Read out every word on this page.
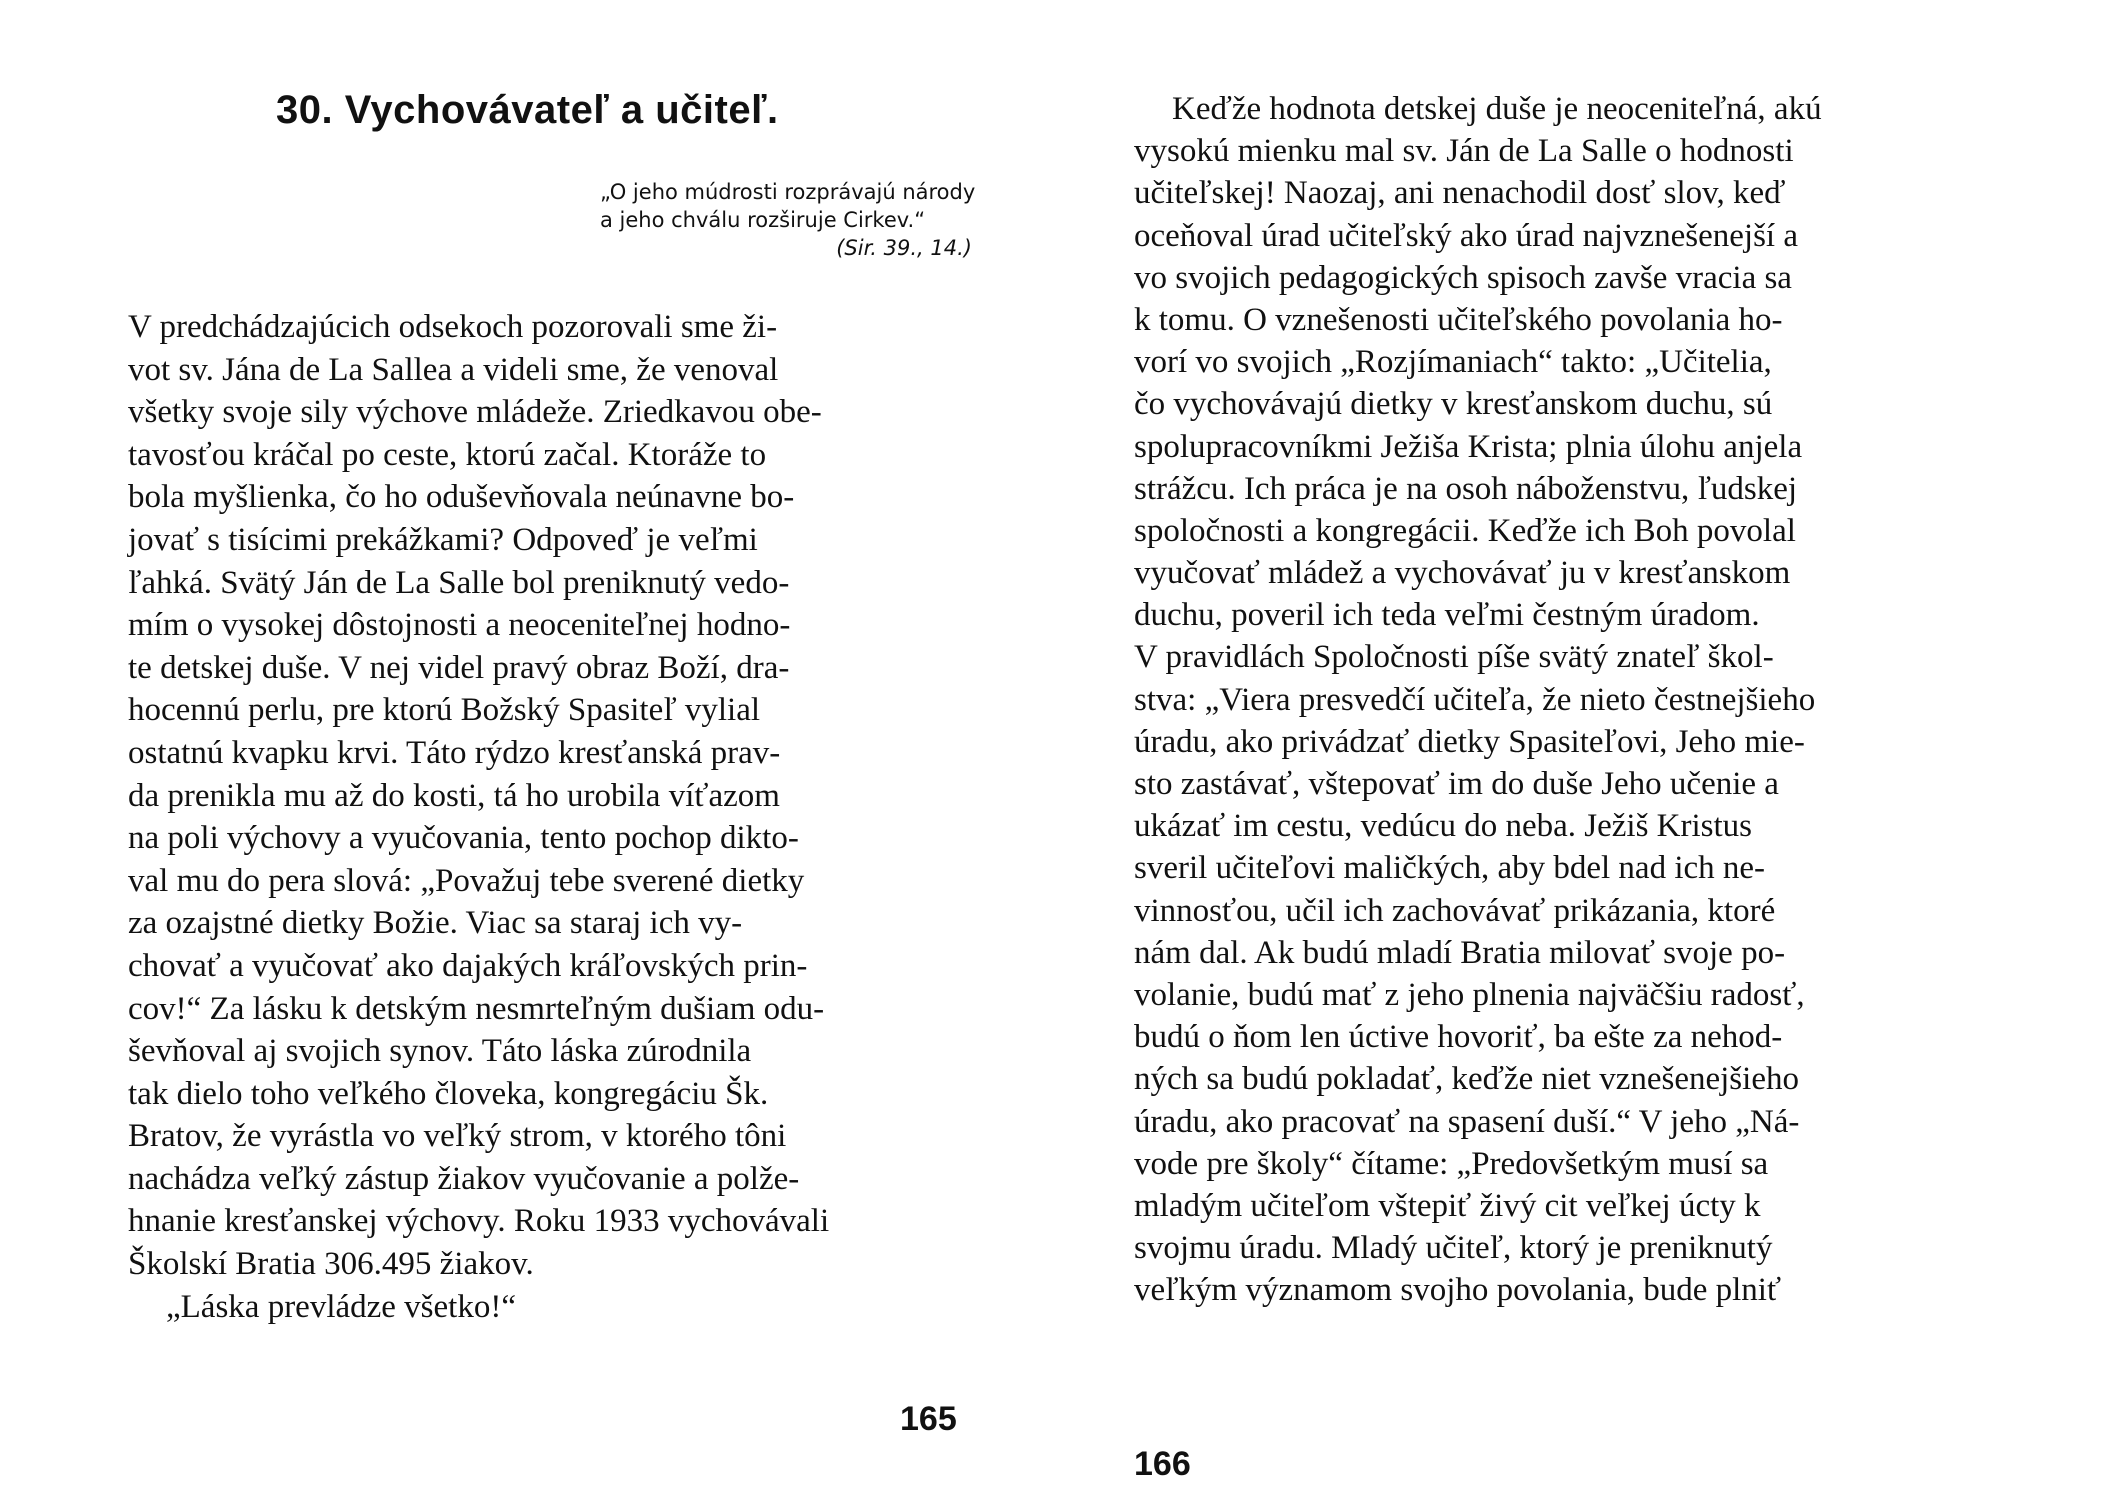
30. Vychovávateľ a učiteľ.
„O jeho múdrosti rozprávajú národy
a jeho chválu rozširuje Cirkev.“
(Sir. 39., 14.)
V predchádzajúcich odsekoch pozorovali sme ži-
vot sv. Jána de La Sallea a videli sme, že venoval
všetky svoje sily výchove mládeže. Zriedkavou obe-
tavosťou kráčal po ceste, ktorú začal. Ktoráže to
bola myšlienka, čo ho oduševňovala neúnavne bo-
jovať s tisícimi prekážkami? Odpoveď je veľmi
ľahká. Svätý Ján de La Salle bol preniknutý vedo-
mím o vysokej dôstojnosti a neoceniteľnej hodno-
te detskej duše. V nej videl pravý obraz Boží, dra-
hocennú perlu, pre ktorú Božský Spasiteľ vylial
ostatnú kvapku krvi. Táto rýdzo kresťanská prav-
da prenikla mu až do kosti, tá ho urobila víťazom
na poli výchovy a vyučovania, tento pochop dikto-
val mu do pera slová: „Považuj tebe sverené dietky
za ozajstné dietky Božie. Viac sa staraj ich vy-
chovať a vyučovať ako dajakých kráľovských prin-
cov!“ Za lásku k detským nesmrteľným dušiam odu-
ševňoval aj svojich synov. Táto láska zúrodnila
tak dielo toho veľkého človeka, kongregáciu Šk.
Bratov, že vyrástla vo veľký strom, v ktorého tôni
nachádza veľký zástup žiakov vyučovanie a polže-
hnanie kresťanskej výchovy. Roku 1933 vychovávali
Školskí Bratia 306.495 žiakov.
„Láska prevládze všetko!“
165
Keďže hodnota detskej duše je neoceniteľná, akú
vysokú mienku mal sv. Ján de La Salle o hodnosti
učiteľskej! Naozaj, ani nenachodil dosť slov, keď
oceňoval úrad učiteľský ako úrad najvznešenejší a
vo svojich pedagogických spisoch zavše vracia sa
k tomu. O vznešenosti učiteľského povolania ho-
vorí vo svojich „Rozjímaniach“ takto: „Učitelia,
čo vychovávajú dietky v kresťanskom duchu, sú
spolupracovníkmi Ježiša Krista; plnia úlohu anjela
strážcu. Ich práca je na osoh náboženstvu, ľudskej
spoločnosti a kongregácii. Keďže ich Boh povolal
vyučovať mládež a vychovávať ju v kresťanskom
duchu, poveril ich teda veľmi čestným úradom.
V pravidlách Spoločnosti píše svätý znateľ škol-
stva: „Viera presvedčí učiteľa, že nieto čestnejšieho
úradu, ako privádzať dietky Spasiteľovi, Jeho mie-
sto zastávať, vštepovať im do duše Jeho učenie a
ukázať im cestu, vedúcu do neba. Ježiš Kristus
sveril učiteľovi maličkých, aby bdel nad ich ne-
vinnosťou, učil ich zachovávať prikázania, ktoré
nám dal. Ak budú mladí Bratia milovať svoje po-
volanie, budú mať z jeho plnenia najväčšiu radosť,
budú o ňom len úctive hovoriť, ba ešte za nehod-
ných sa budú pokladať, keďže niet vznešenejšieho
úradu, ako pracovať na spasení duší.“ V jeho „Ná-
vode pre školy“ čítame: „Predovšetkým musí sa
mladým učiteľom vštepiť živý cit veľkej úcty k
svojmu úradu. Mladý učiteľ, ktorý je preniknutý
veľkým významom svojho povolania, bude plniť
166
